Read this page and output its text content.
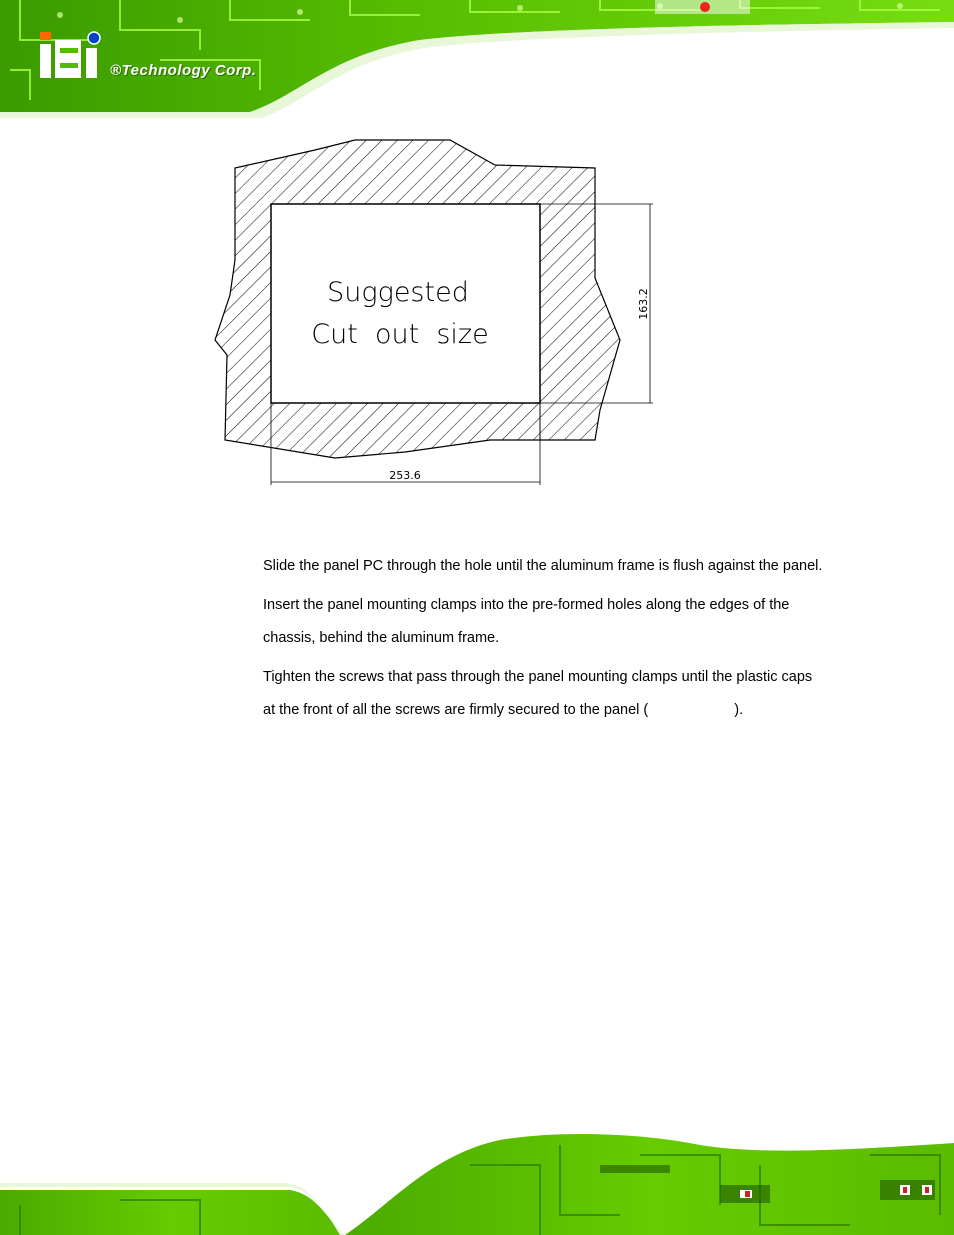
®Technology Corp.
Suggested
Cut  out  size
253.6
163.2

Slide the panel PC through the hole until the aluminum frame is flush against the panel.

Insert the panel mounting clamps into the pre-formed holes along the edges of the chassis, behind the aluminum frame.

Tighten the screws that pass through the panel mounting clamps until the plastic caps at the front of all the screws are firmly secured to the panel (	).
